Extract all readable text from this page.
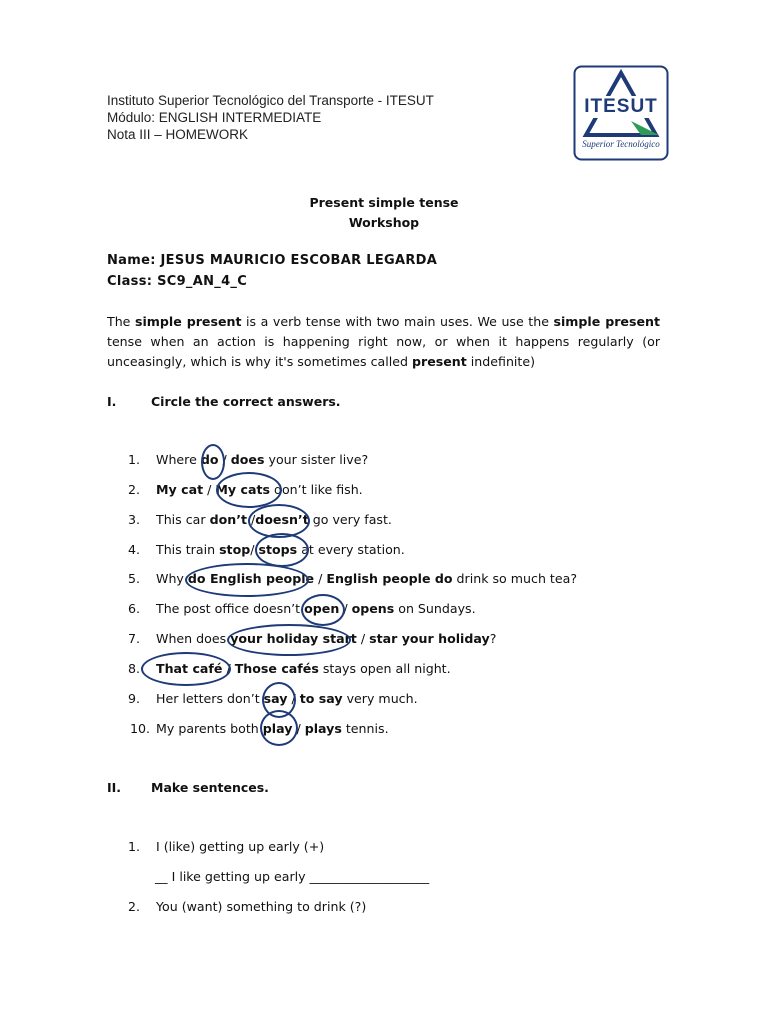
Instituto Superior Tecnológico del Transporte - ITESUT
Módulo: ENGLISH INTERMEDIATE
Nota III – HOMEWORK
ITESUT
Superior Tecnológico
Present simple tense
Workshop
Name: JESUS MAURICIO ESCOBAR LEGARDA
Class: SC9_AN_4_C
The simple present is a verb tense with two main uses. We use the simple present tense when an action is happening right now, or when it happens regularly (or unceasingly, which is why it's sometimes called present indefinite)
I.	Circle the correct answers.
1. Where do / does your sister live?
2. My cat / My cats don’t like fish.
3. This car don’t /doesn’t go very fast.
4. This train stop/ stops at every station.
5. Why do English people / English people do drink so much tea?
6. The post office doesn’t open / opens on Sundays.
7. When does your holiday start / star your holiday?
8. That café / Those cafés stays open all night.
9. Her letters don’t say / to say very much.
10. My parents both play / plays tennis.
II. Make sentences.
1. I (like) getting up early (+)
__ I like getting up early ___________________
2. You (want) something to drink (?)
